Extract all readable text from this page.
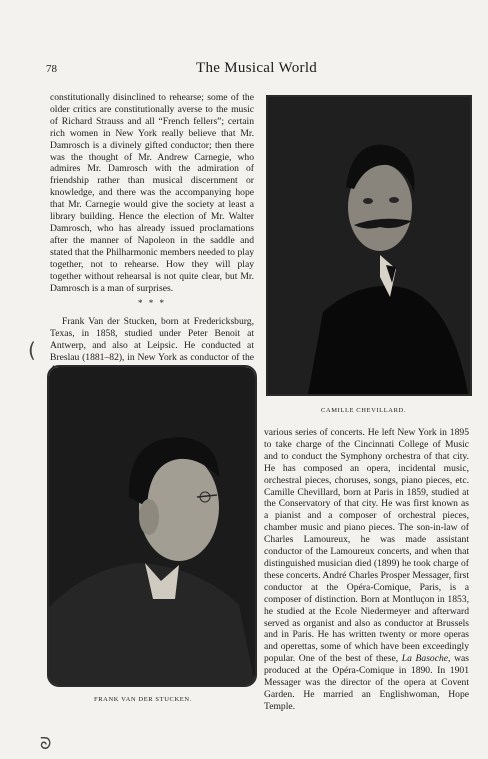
78	The Musical World

constitutionally disinclined to rehearse; some of the older critics are constitutionally averse to the music of Richard Strauss and all “French fellers”; certain rich women in New York really believe that Mr. Damrosch is a divinely gifted conductor; then there was the thought of Mr. Andrew Carnegie, who admires Mr. Damrosch with the admiration of friendship rather than musical discernment or knowledge, and there was the accompanying hope that Mr. Carnegie would give the society at least a library building. Hence the election of Mr. Walter Damrosch, who has already issued proclamations after the manner of Napoleon in the saddle and stated that the Philharmonic members needed to play together, not to rehearse. How they will play together without rehearsal is not quite clear, but Mr. Damrosch is a man of surprises.

* * *

Frank Van der Stucken, born at Fredericksburg, Texas, in 1858, studied under Peter Benoit at Antwerp, and also at Leipsic. He conducted at Breslau (1881–82), in New York as conductor of the

CAMILLE CHEVILLARD.
FRANK VAN DER STUCKEN.

various series of concerts. He left New York in 1895 to take charge of the Cincinnati College of Music and to conduct the Symphony orchestra of that city. He has composed an opera, incidental music, orchestral pieces, choruses, songs, piano pieces, etc. Camille Chevillard, born at Paris in 1859, studied at the Conservatory of that city. He was first known as a pianist and a composer of orchestral pieces, chamber music and piano pieces. The son-in-law of Charles Lamoureux, he was made assistant conductor of the Lamoureux concerts, and when that distinguished musician died (1899) he took charge of these concerts. André Charles Prosper Messager, first conductor at the Opéra-Comique, Paris, is a composer of distinction. Born at Montluçon in 1853, he studied at the Ecole Niedermeyer and afterward served as organist and also as conductor at Brussels and in Paris. He has written twenty or more operas and operettas, some of which have been exceedingly popular. One of the best of these, La Basoche, was produced at the Opéra-Comique in 1890. In 1901 Messager was the director of the opera at Covent Garden. He married an Englishwoman, Hope Temple.

(
ᘐ
